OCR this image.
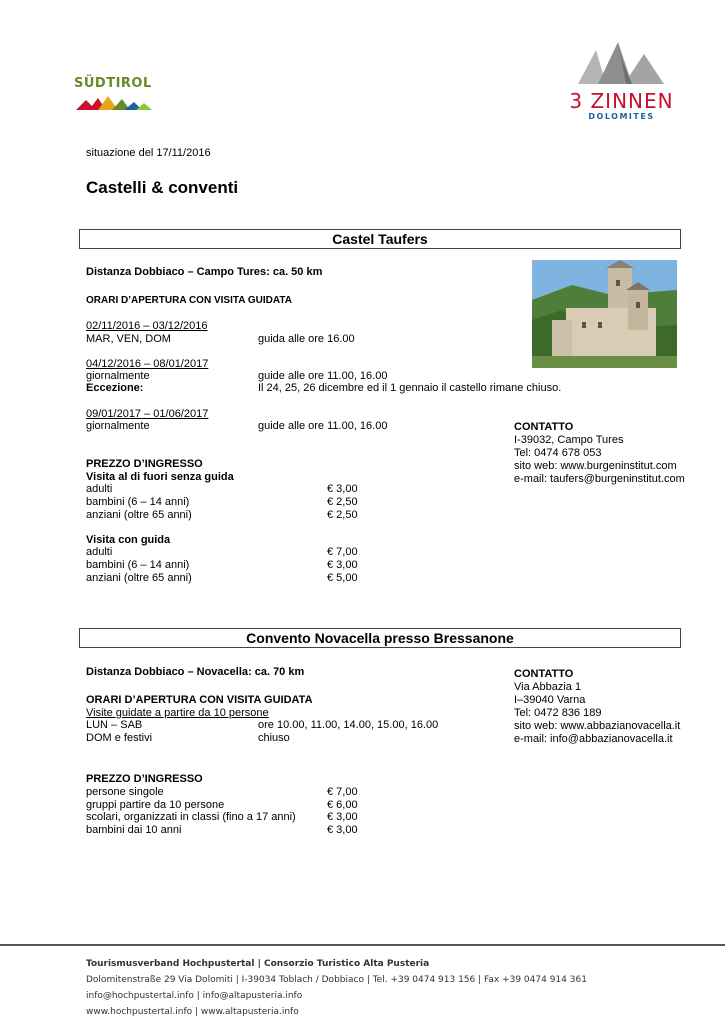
SÜDTIROL
3 ZINNEN
DOLOMITES
situazione del 17/11/2016
Castelli & conventi
Castel Taufers
Distanza Dobbiaco – Campo Tures: ca. 50 km
ORARI D’APERTURA CON VISITA GUIDATA
02/11/2016 – 03/12/2016
MAR, VEN, DOM	guida alle ore 16.00
04/12/2016 – 08/01/2017
giornalmente	guide alle ore 11.00, 16.00
Eccezione:	Il 24, 25, 26 dicembre ed il 1 gennaio il castello rimane chiuso.
09/01/2017 – 01/06/2017
giornalmente	guide alle ore 11.00, 16.00	CONTATTO
I-39032, Campo Tures
Tel: 0474 678 053
sito web: www.burgeninstitut.com
e-mail: taufers@burgeninstitut.com
PREZZO D’INGRESSO
Visita al di fuori senza guida
adulti	€ 3,00
bambini (6 – 14 anni)	€ 2,50
anziani (oltre 65 anni)	€ 2,50
Visita con guida
adulti	€ 7,00
bambini (6 – 14 anni)	€ 3,00
anziani (oltre 65 anni)	€ 5,00
Convento Novacella presso Bressanone
Distanza Dobbiaco – Novacella: ca. 70 km	CONTATTO
Via Abbazia 1
I–39040 Varna
Tel: 0472 836 189
sito web: www.abbazianovacella.it
e-mail: info@abbazianovacella.it
ORARI D’APERTURA CON VISITA GUIDATA
Visite guidate a partire da 10 persone
LUN – SAB	ore 10.00, 11.00, 14.00, 15.00, 16.00
DOM e festivi	chiuso
PREZZO D’INGRESSO
persone singole	€ 7,00
gruppi partire da 10 persone	€ 6,00
scolari, organizzati in classi (fino a 17 anni)	€ 3,00
bambini dai 10 anni	€ 3,00
Tourismusverband Hochpustertal | Consorzio Turistico Alta Pusteria
Dolomitenstraße 29 Via Dolomiti | I-39034 Toblach / Dobbiaco | Tel. +39 0474 913 156 | Fax +39 0474 914 361
info@hochpustertal.info | info@altapusteria.info
www.hochpustertal.info | www.altapusteria.info
